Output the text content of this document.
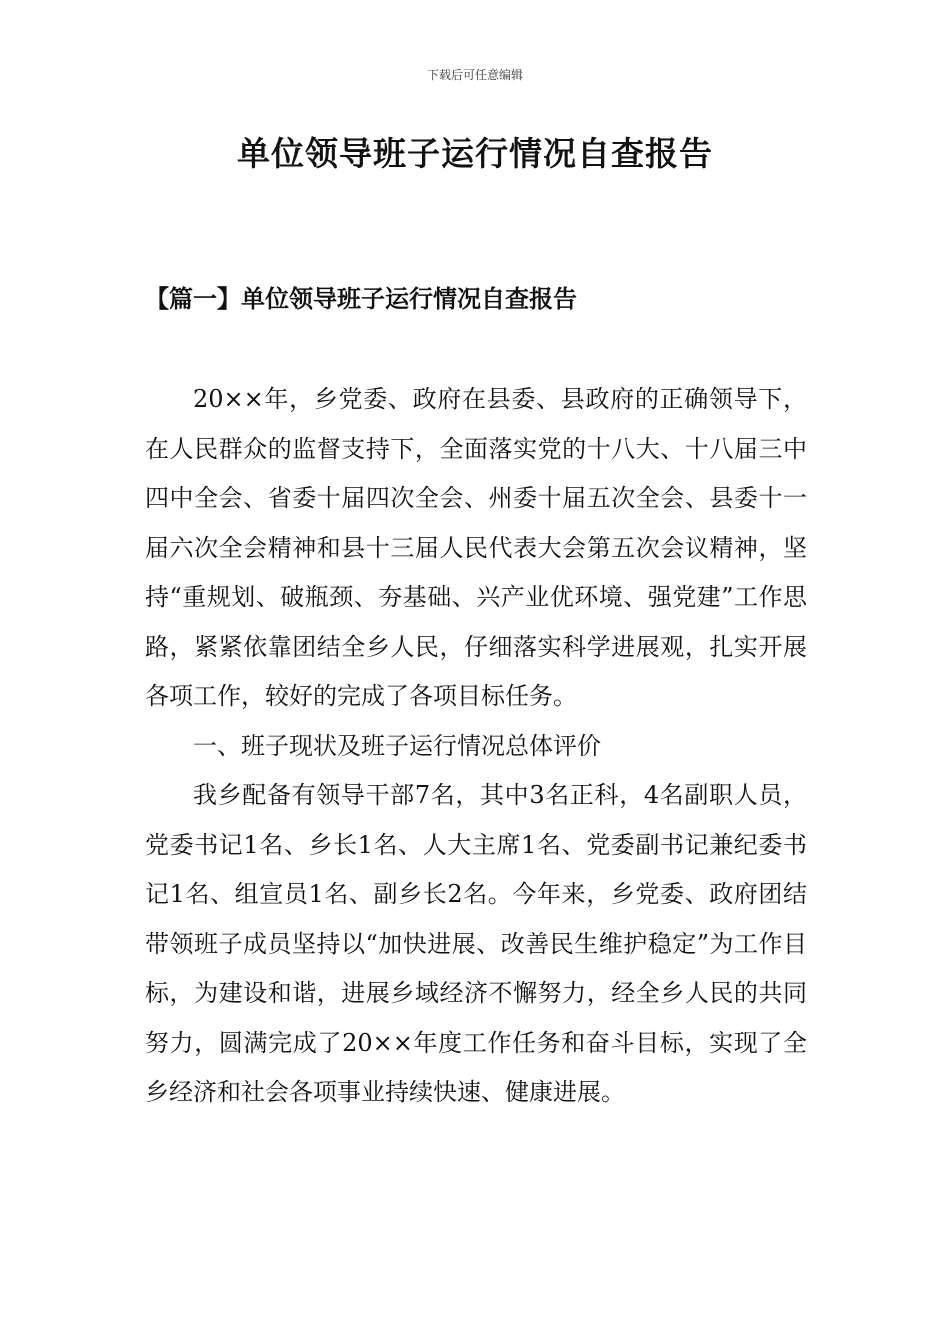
下载后可任意编辑
单位领导班子运行情况自查报告
【篇一】单位领导班子运行情况自查报告

20××年，乡党委、政府在县委、县政府的正确领导下，在人民群众的监督支持下，全面落实党的十八大、十八届三中四中全会、省委十届四次全会、州委十届五次全会、县委十一届六次全会精神和县十三届人民代表大会第五次会议精神，坚持“重规划、破瓶颈、夯基础、兴产业优环境、强党建”工作思路，紧紧依靠团结全乡人民，仔细落实科学进展观，扎实开展各项工作，较好的完成了各项目标任务。

一、班子现状及班子运行情况总体评价

我乡配备有领导干部7名，其中3名正科，4名副职人员，党委书记1名、乡长1名、人大主席1名、党委副书记兼纪委书记1名、组宣员1名、副乡长2名。今年来，乡党委、政府团结带领班子成员坚持以“加快进展、改善民生维护稳定”为工作目标，为建设和谐，进展乡域经济不懈努力，经全乡人民的共同努力，圆满完成了20××年度工作任务和奋斗目标，实现了全乡经济和社会各项事业持续快速、健康进展。
